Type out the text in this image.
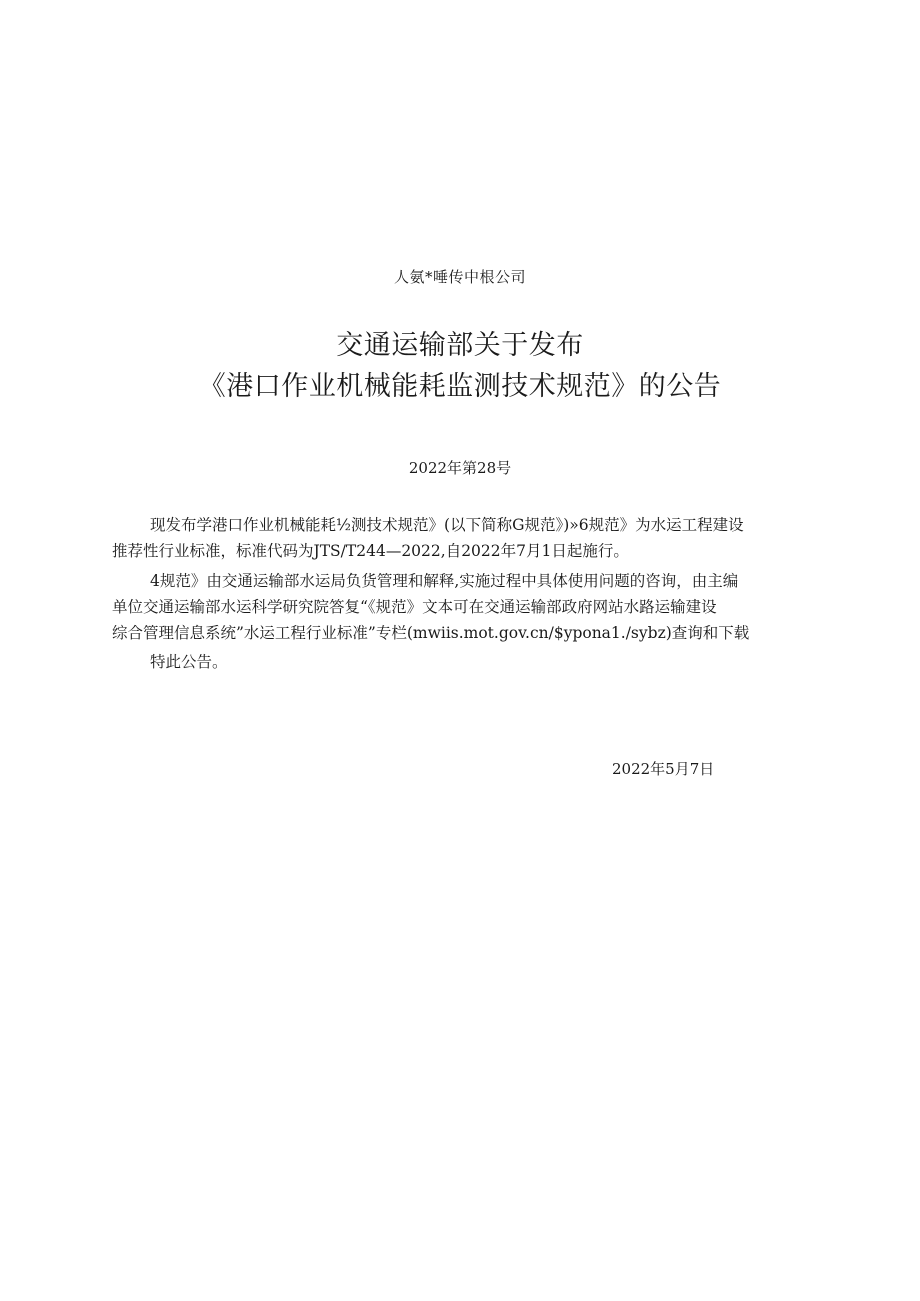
人氨*唾传中根公司
交通运输部关于发布
《港口作业机械能耗监测技术规范》的公告
2022年第28号

现发布学港口作业机械能耗½测技术规范》(以下简称G规范》)»6规范》为水运工程建设
推荐性行业标准，标准代码为JTS/T244—2022,自2022年7月1日起施行。

4规范》由交通运输部水运局负货管理和解释,实施过程中具体使用问题的咨询，由主编
单位交通运输部水运科学研究院答复“《规范》文本可在交通运输部政府网站水路运输建设
综合管理信息系统”水运工程行业标准”专栏(mwiis.mot.gov.cn/$ypona1./sybz)查询和下载

特此公告。

2022年5月7日
